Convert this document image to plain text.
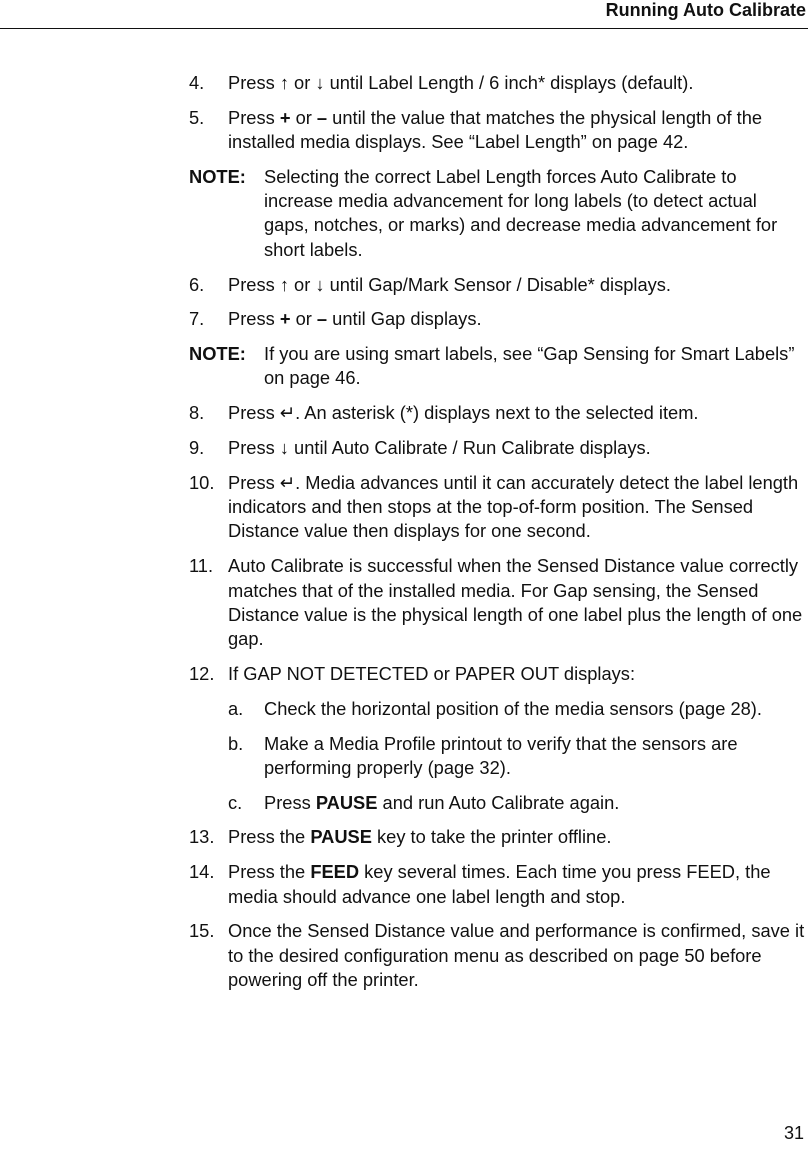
Running Auto Calibrate
4. Press ↑ or ↓ until Label Length / 6 inch* displays (default).
5. Press + or – until the value that matches the physical length of the installed media displays. See “Label Length” on page 42.
NOTE: Selecting the correct Label Length forces Auto Calibrate to increase media advancement for long labels (to detect actual gaps, notches, or marks) and decrease media advancement for short labels.
6. Press ↑ or ↓ until Gap/Mark Sensor / Disable* displays.
7. Press + or – until Gap displays.
NOTE: If you are using smart labels, see “Gap Sensing for Smart Labels” on page 46.
8. Press ↵. An asterisk (*) displays next to the selected item.
9. Press ↓ until Auto Calibrate / Run Calibrate displays.
10. Press ↵. Media advances until it can accurately detect the label length indicators and then stops at the top-of-form position. The Sensed Distance value then displays for one second.
11. Auto Calibrate is successful when the Sensed Distance value correctly matches that of the installed media. For Gap sensing, the Sensed Distance value is the physical length of one label plus the length of one gap.
12. If GAP NOT DETECTED or PAPER OUT displays:
a. Check the horizontal position of the media sensors (page 28).
b. Make a Media Profile printout to verify that the sensors are performing properly (page 32).
c. Press PAUSE and run Auto Calibrate again.
13. Press the PAUSE key to take the printer offline.
14. Press the FEED key several times. Each time you press FEED, the media should advance one label length and stop.
15. Once the Sensed Distance value and performance is confirmed, save it to the desired configuration menu as described on page 50 before powering off the printer.
31
